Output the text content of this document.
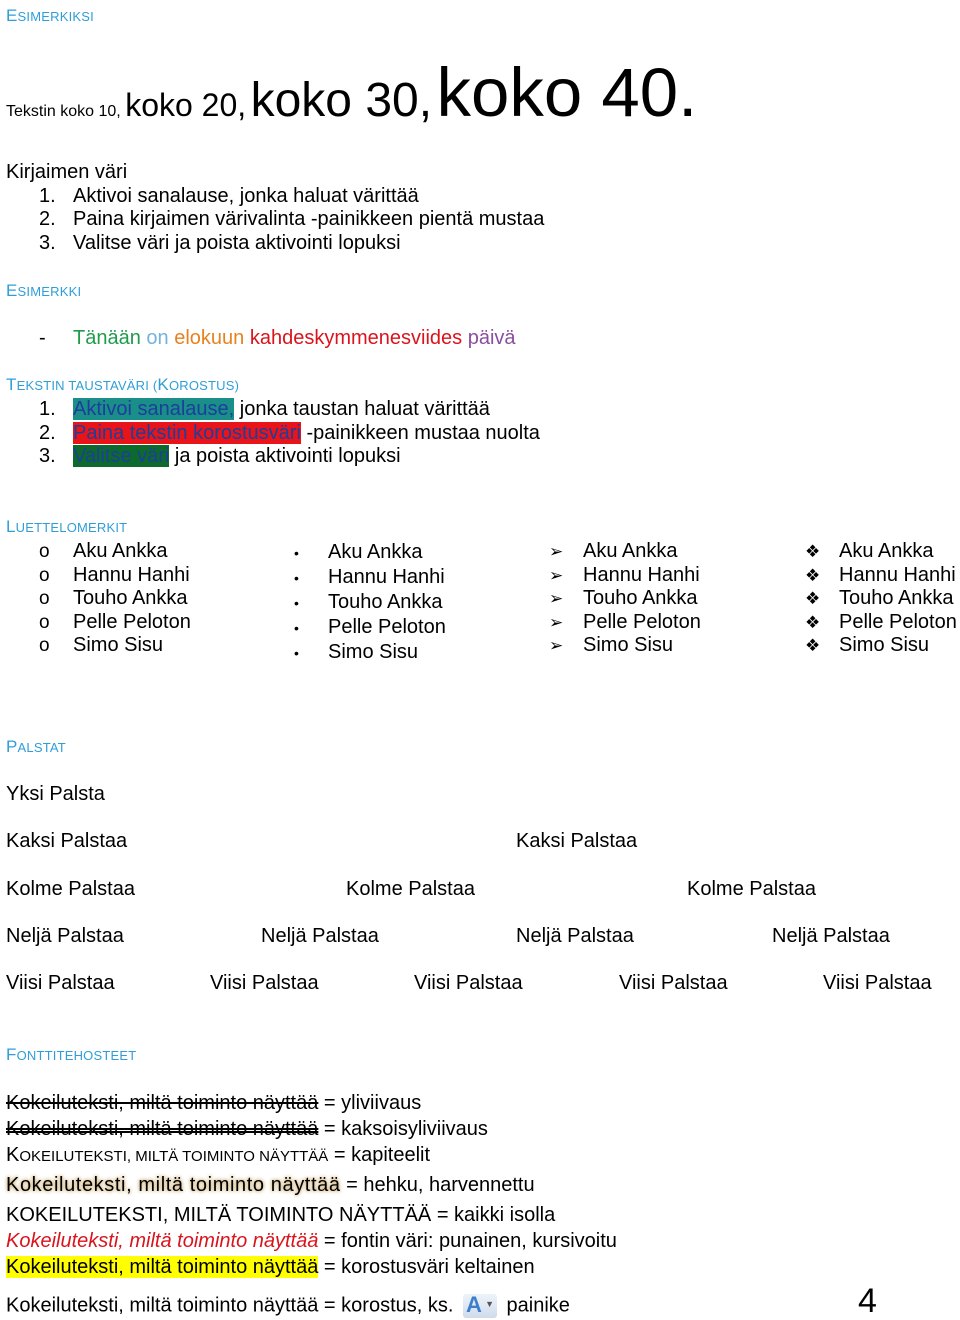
ESIMERKIKSI
Tekstin koko 10, koko 20, koko 30, koko 40.
Kirjaimen väri
1. Aktivoi sanalause, jonka haluat värittää
2. Paina kirjaimen värivalinta -painikkeen pientä mustaa
3. Valitse väri ja poista aktivointi lopuksi
ESIMERKKI
- Tänään on elokuun kahdeskymmenesviides päivä
TEKSTIN TAUSTAVÄRI (KOROSTUS)
1. Aktivoi sanalause, jonka taustan haluat värittää
2. Paina tekstin korostusväri -painikkeen mustaa nuolta
3. Valitse väri ja poista aktivointi lopuksi
LUETTELOMERKIT
o Aku Ankka
o Hannu Hanhi
o Touho Ankka
o Pelle Peloton
o Simo Sisu
• Aku Ankka
• Hannu Hanhi
• Touho Ankka
• Pelle Peloton
• Simo Sisu
➢ Aku Ankka
➢ Hannu Hanhi
➢ Touho Ankka
➢ Pelle Peloton
➢ Simo Sisu
❖ Aku Ankka
❖ Hannu Hanhi
❖ Touho Ankka
❖ Pelle Peloton
❖ Simo Sisu
PALSTAT
Yksi Palsta
Kaksi Palstaa	Kaksi Palstaa
Kolme Palstaa	Kolme Palstaa	Kolme Palstaa
Neljä Palstaa	Neljä Palstaa	Neljä Palstaa	Neljä Palstaa
Viisi Palstaa	Viisi Palstaa	Viisi Palstaa	Viisi Palstaa	Viisi Palstaa
FONTTITEHOSTEET
Kokeiluteksti, miltä toiminto näyttää = yliviivaus
Kokeiluteksti, miltä toiminto näyttää = kaksoisyliviivaus
KOKEILUTEKSTI, MILTÄ TOIMINTO NÄYTTÄÄ = kapiteelit
Kokeiluteksti, miltä toiminto näyttää = hehku, harvennettu
KOKEILUTEKSTI, MILTÄ TOIMINTO NÄYTTÄÄ = kaikki isolla
Kokeiluteksti, miltä toiminto näyttää = fontin väri: punainen, kursivoitu
Kokeiluteksti, miltä toiminto näyttää = korostusväri keltainen
Kokeiluteksti, miltä toiminto näyttää = korostus, ks. A ▼ painike	4
